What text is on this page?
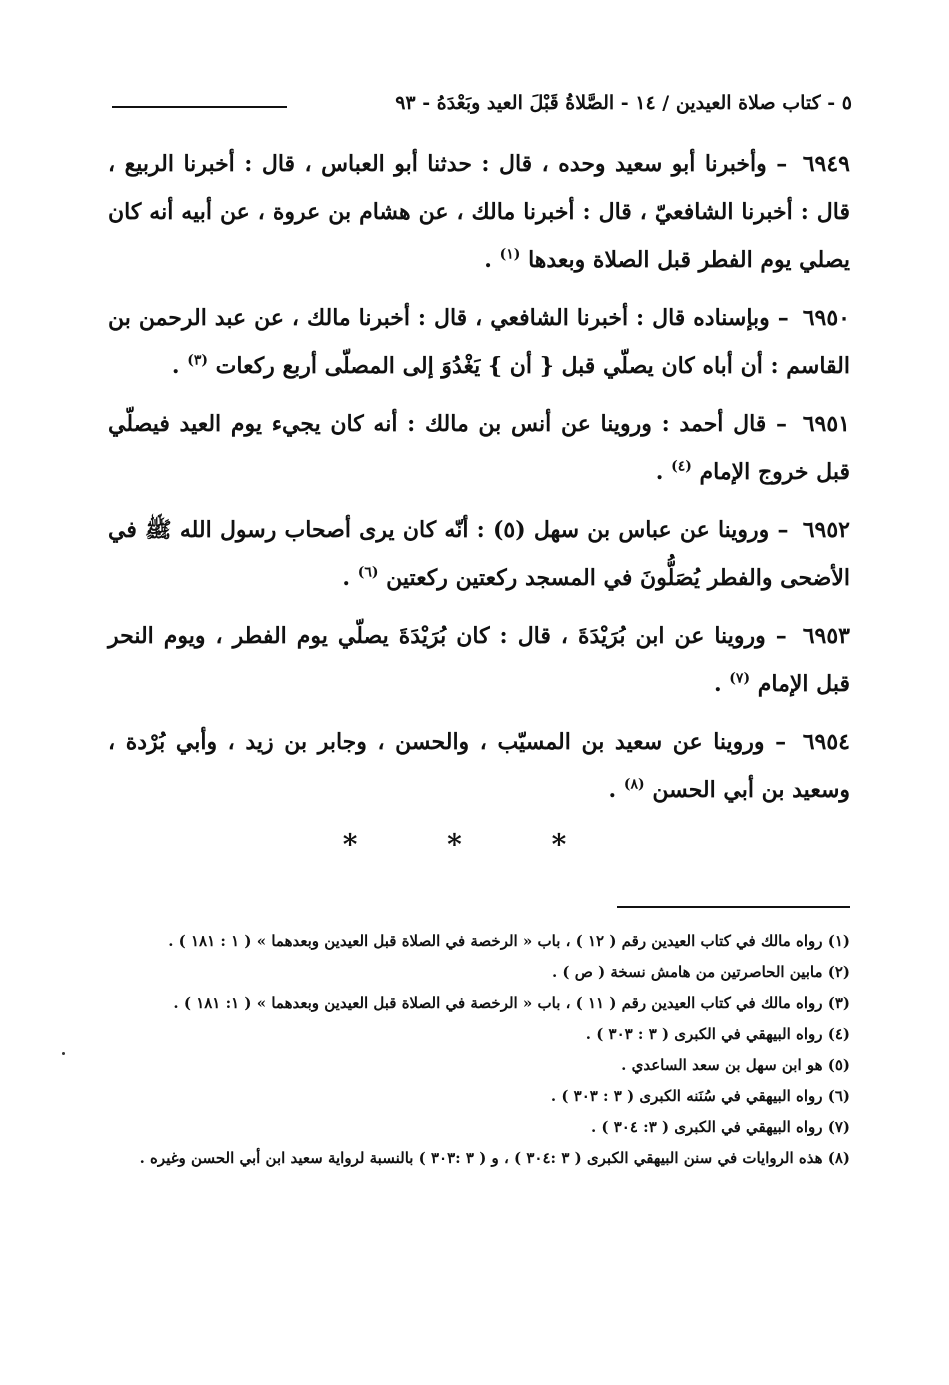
٥ - كتاب صلاة العيدين / ١٤ - الصَّلاةُ قَبْلَ العيد وبَعْدَهُ - ٩٣

٦٩٤٩ – وأخبرنا أبو سعيد وحده ، قال : حدثنا أبو العباس ، قال : أخبرنا الربيع ، قال : أخبرنا الشافعيّ ، قال : أخبرنا مالك ، عن هشام بن عروة ، عن أبيه أنه كان يصلي يوم الفطر قبل الصلاة وبعدها $^{(١)}$ .

٦٩٥٠ – وبإسناده قال : أخبرنا الشافعي ، قال : أخبرنا مالك ، عن عبد الرحمن بن القاسم : أن أباه كان يصلّي قبل { أن } يَغْدُوَ إلى المصلّى أربع ركعات $^{(٣)}$ .

٦٩٥١ – قال أحمد : وروينا عن أنس بن مالك : أنه كان يجيء يوم العيد فيصلّي قبل خروج الإمام $^{(٤)}$ .

٦٩٥٢ – وروينا عن عباس بن سهل (٥) : أنّه كان يرى أصحاب رسول الله ﷺ في الأضحى والفطر يُصَلُّونَ في المسجد ركعتين ركعتين $^{(٦)}$ .

٦٩٥٣ – وروينا عن ابن بُرَيْدَةَ ، قال : كان بُرَيْدَةَ يصلّي يوم الفطر ، ويوم النحر قبل الإمام $^{(٧)}$ .

٦٩٥٤ – وروينا عن سعيد بن المسيّب ، والحسن ، وجابر بن زيد ، وأبي بُرْدة ، وسعيد بن أبي الحسن $^{(٨)}$ .

* * *

(١) رواه مالك في كتاب العيدين رقم ( ١٢ ) ، باب « الرخصة في الصلاة قبل العيدين وبعدهما » ( ١ : ١٨١ ) .

(٢) مابين الحاصرتين من هامش نسخة ( ص ) .

(٣) رواه مالك في كتاب العيدين رقم ( ١١ ) ، باب « الرخصة في الصلاة قبل العيدين وبعدهما » ( ١: ١٨١ ) .

(٤) رواه البيهقي في الكبرى ( ٣ : ٣٠٣ ) .

(٥) هو ابن سهل بن سعد الساعدي .

(٦) رواه البيهقي في سُنَنه الكبرى ( ٣ : ٣٠٣ ) .

(٧) رواه البيهقي في الكبرى ( ٣: ٣٠٤ ) .

(٨) هذه الروايات في سنن البيهقي الكبرى ( ٣ :٣٠٤ ) ، و ( ٣ :٣٠٣ ) بالنسبة لرواية سعيد ابن أبي الحسن وغيره .
